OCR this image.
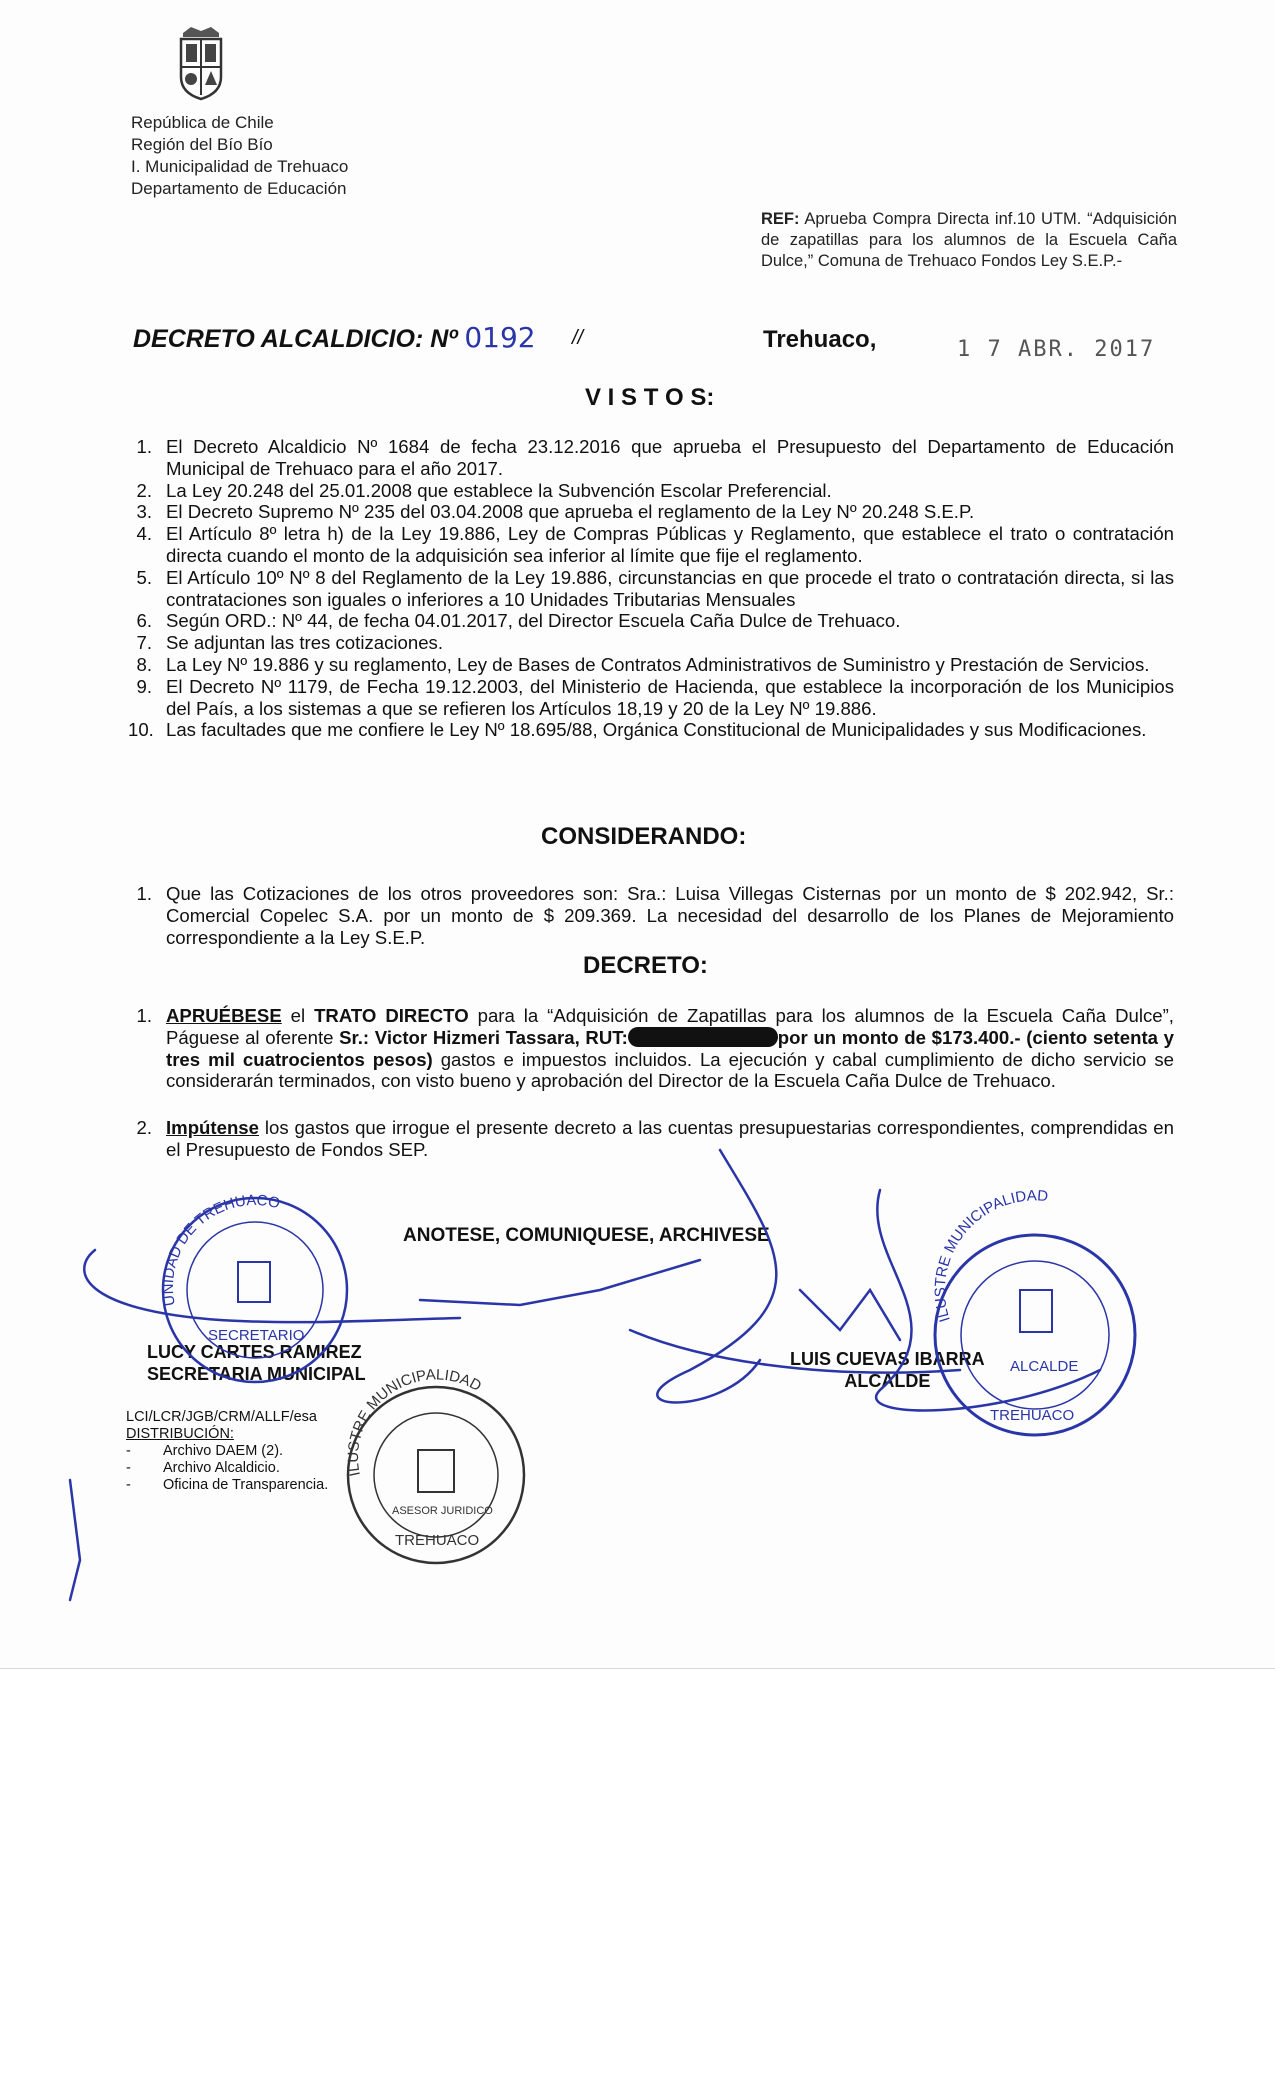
República de Chile
Región del Bío Bío
I. Municipalidad de Trehuaco
Departamento de Educación
REF: Aprueba Compra Directa inf.10 UTM. “Adquisición de zapatillas para los alumnos de la Escuela Caña Dulce,” Comuna de Trehuaco Fondos Ley S.E.P.-
DECRETO ALCALDICIO: Nº 0192 //	Trehuaco,	1 7 ABR. 2017
V I S T O S:
1. El Decreto Alcaldicio Nº 1684 de fecha 23.12.2016 que aprueba el Presupuesto del Departamento de Educación Municipal de Trehuaco para el año 2017.
2. La Ley 20.248 del 25.01.2008 que establece la Subvención Escolar Preferencial.
3. El Decreto Supremo Nº 235 del 03.04.2008 que aprueba el reglamento de la Ley Nº 20.248 S.E.P.
4. El Artículo 8º letra h) de la Ley 19.886, Ley de Compras Públicas y Reglamento, que establece el trato o contratación directa cuando el monto de la adquisición sea inferior al límite que fije el reglamento.
5. El Artículo 10º Nº 8 del Reglamento de la Ley 19.886, circunstancias en que procede el trato o contratación directa, si las contrataciones son iguales o inferiores a 10 Unidades Tributarias Mensuales
6. Según ORD.: Nº 44, de fecha 04.01.2017, del Director Escuela Caña Dulce de Trehuaco.
7. Se adjuntan las tres cotizaciones.
8. La Ley Nº 19.886 y su reglamento, Ley de Bases de Contratos Administrativos de Suministro y Prestación de Servicios.
9. El Decreto Nº 1179, de Fecha 19.12.2003, del Ministerio de Hacienda, que establece la incorporación de los Municipios del País, a los sistemas a que se refieren los Artículos 18,19 y 20 de la Ley Nº 19.886.
10. Las facultades que me confiere le Ley Nº 18.695/88, Orgánica Constitucional de Municipalidades y sus Modificaciones.
CONSIDERANDO:
1. Que las Cotizaciones de los otros proveedores son: Sra.: Luisa Villegas Cisternas por un monto de $ 202.942, Sr.: Comercial Copelec S.A. por un monto de $ 209.369. La necesidad del desarrollo de los Planes de Mejoramiento correspondiente a la Ley S.E.P.
DECRETO:
1. APRUÉBESE el TRATO DIRECTO para la “Adquisición de Zapatillas para los alumnos de la Escuela Caña Dulce”, Páguese al oferente Sr.: Victor Hizmeri Tassara, RUT:	por un monto de $173.400.- (ciento setenta y tres mil cuatrocientos pesos) gastos e impuestos incluidos. La ejecución y cabal cumplimiento de dicho servicio se considerarán terminados, con visto bueno y aprobación del Director de la Escuela Caña Dulce de Trehuaco.
2. Impútense los gastos que irrogue el presente decreto a las cuentas presupuestarias correspondientes, comprendidas en el Presupuesto de Fondos SEP.
ANOTESE, COMUNIQUESE, ARCHIVESE
LUCY CARTES RAMIREZ
SECRETARIA MUNICIPAL
LUIS CUEVAS IBARRA
ALCALDE
LCI/LCR/JGB/CRM/ALLF/esa
DISTRIBUCIÓN:
- Archivo DAEM (2).
- Archivo Alcaldicio.
- Oficina de Transparencia.
UNIDAD DE TREHUACO
SECRETARIO
ILUSTRE MUNICIPALIDAD
ALCALDE
TREHUACO
ILUSTRE MUNICIPALIDAD
ASESOR JURIDICO
TREHUACO
